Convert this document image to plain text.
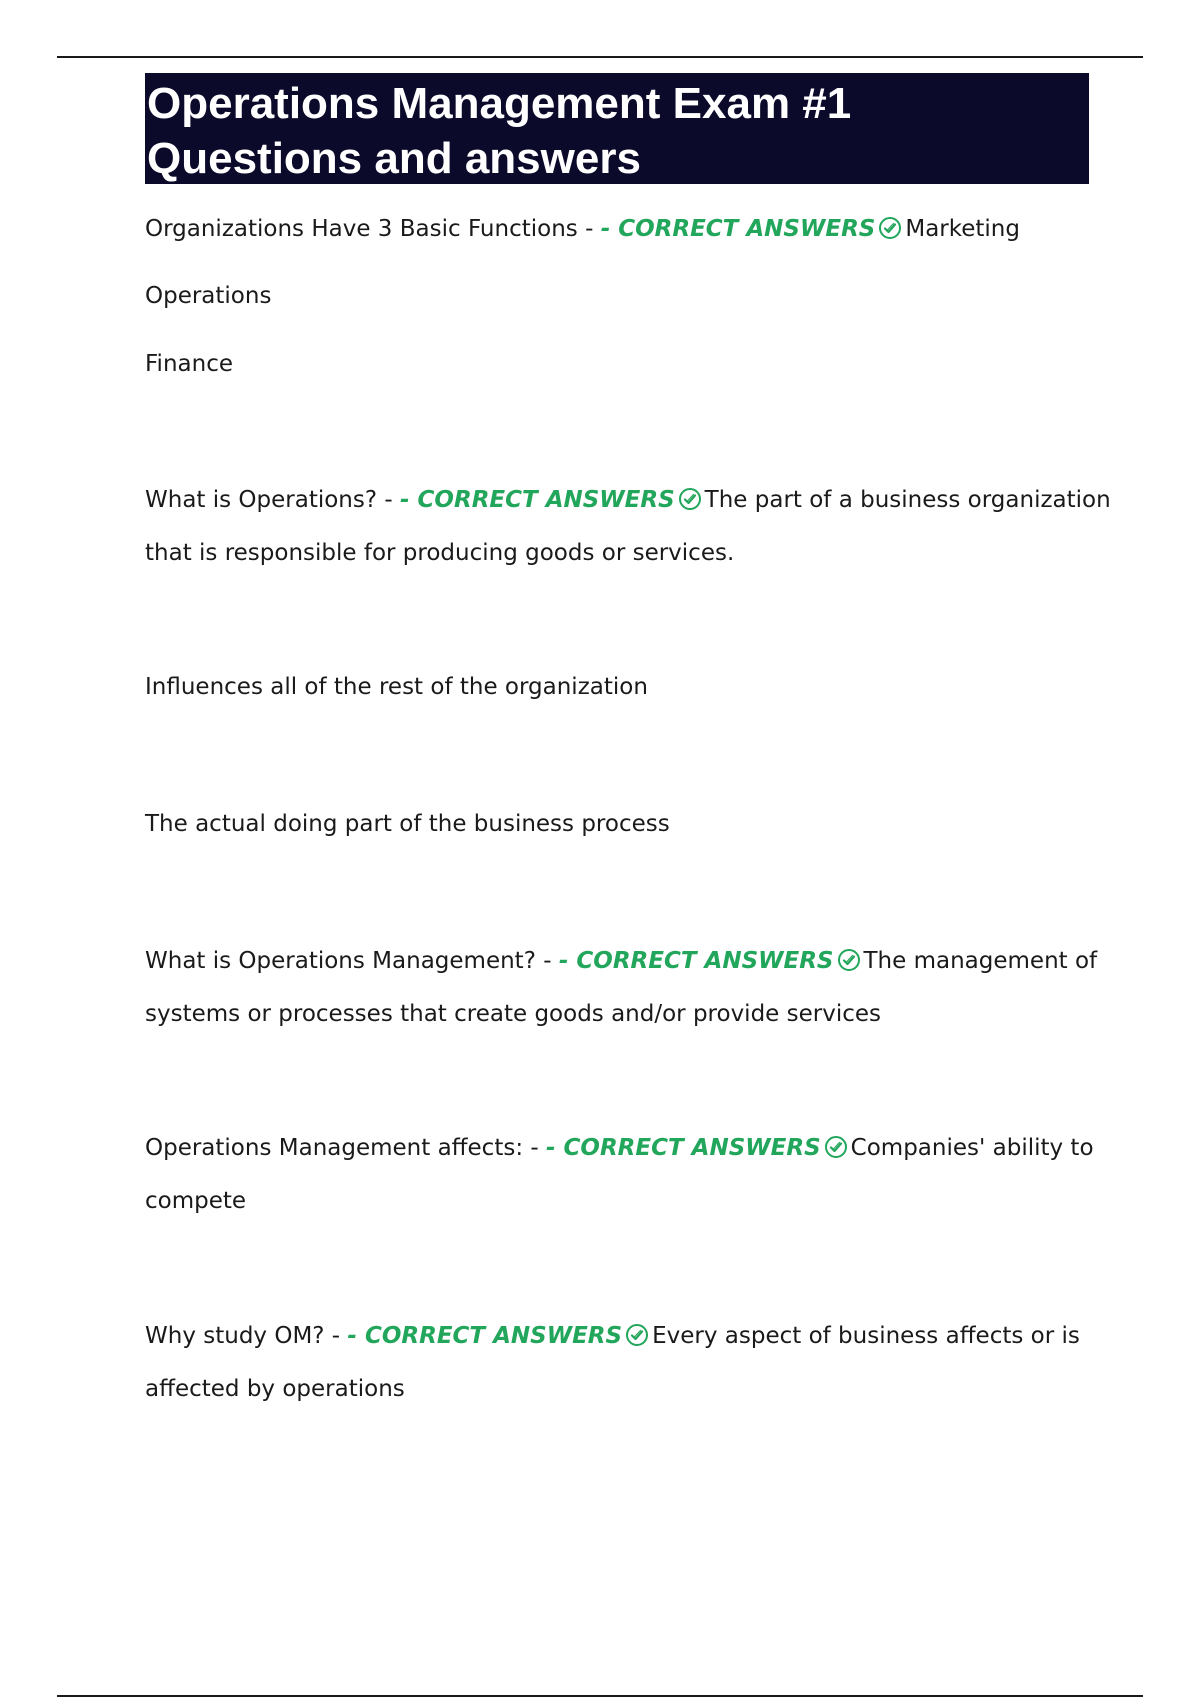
Operations Management Exam #1
Questions and answers
Organizations Have 3 Basic Functions - - CORRECT ANSWERS Marketing
Operations
Finance
What is Operations? - - CORRECT ANSWERS The part of a business organization
that is responsible for producing goods or services.
Influences all of the rest of the organization
The actual doing part of the business process
What is Operations Management? - - CORRECT ANSWERS The management of
systems or processes that create goods and/or provide services
Operations Management affects: - - CORRECT ANSWERS Companies' ability to
compete
Why study OM? - - CORRECT ANSWERS Every aspect of business affects or is
affected by operations
